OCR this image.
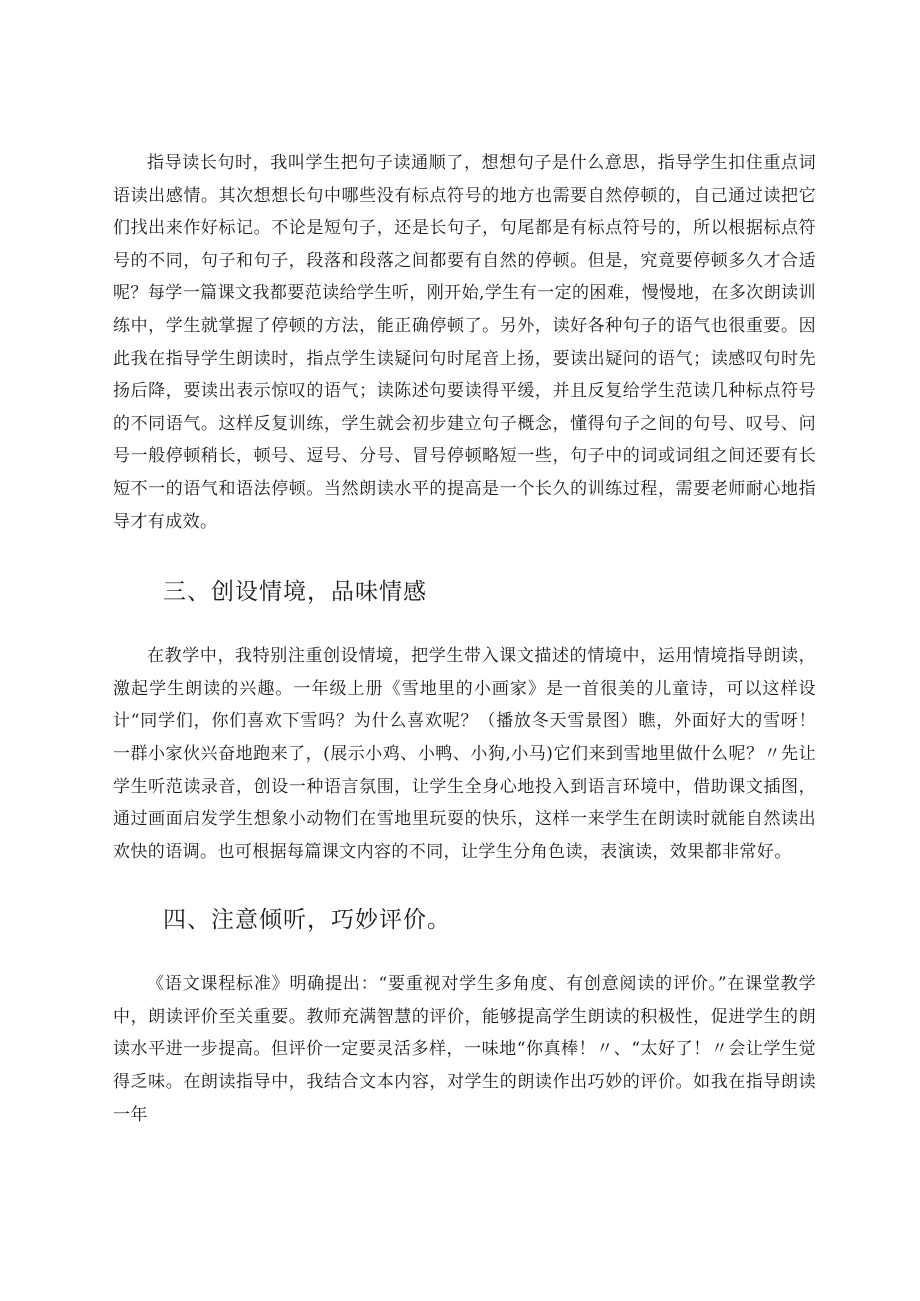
指导读长句时，我叫学生把句子读通顺了，想想句子是什么意思，指导学生扣住重点词语读出感情。其次想想长句中哪些没有标点符号的地方也需要自然停顿的，自己通过读把它们找出来作好标记。不论是短句子，还是长句子，句尾都是有标点符号的，所以根据标点符号的不同，句子和句子，段落和段落之间都要有自然的停顿。但是，究竟要停顿多久才合适呢？每学一篇课文我都要范读给学生听，刚开始,学生有一定的困难，慢慢地，在多次朗读训练中，学生就掌握了停顿的方法，能正确停顿了。另外，读好各种句子的语气也很重要。因此我在指导学生朗读时，指点学生读疑问句时尾音上扬，要读出疑问的语气；读感叹句时先扬后降，要读出表示惊叹的语气；读陈述句要读得平缓，并且反复给学生范读几种标点符号的不同语气。这样反复训练，学生就会初步建立句子概念，懂得句子之间的句号、叹号、问号一般停顿稍长，顿号、逗号、分号、冒号停顿略短一些，句子中的词或词组之间还要有长短不一的语气和语法停顿。当然朗读水平的提高是一个长久的训练过程，需要老师耐心地指导才有成效。

三、创设情境，品味情感

在教学中，我特别注重创设情境，把学生带入课文描述的情境中，运用情境指导朗读，激起学生朗读的兴趣。一年级上册《雪地里的小画家》是一首很美的儿童诗，可以这样设计“同学们，你们喜欢下雪吗？为什么喜欢呢？（播放冬天雪景图）瞧，外面好大的雪呀！一群小家伙兴奋地跑来了，(展示小鸡、小鸭、小狗,小马)它们来到雪地里做什么呢？〃先让学生听范读录音，创设一种语言氛围，让学生全身心地投入到语言环境中，借助课文插图，通过画面启发学生想象小动物们在雪地里玩耍的快乐，这样一来学生在朗读时就能自然读出欢快的语调。也可根据每篇课文内容的不同，让学生分角色读，表演读，效果都非常好。

四、注意倾听，巧妙评价。

《语文课程标准》明确提出：“要重视对学生多角度、有创意阅读的评价。”在课堂教学中，朗读评价至关重要。教师充满智慧的评价，能够提高学生朗读的积极性，促进学生的朗读水平进一步提高。但评价一定要灵活多样，一味地“你真棒！〃、“太好了！〃会让学生觉得乏味。在朗读指导中，我结合文本内容，对学生的朗读作出巧妙的评价。如我在指导朗读一年
